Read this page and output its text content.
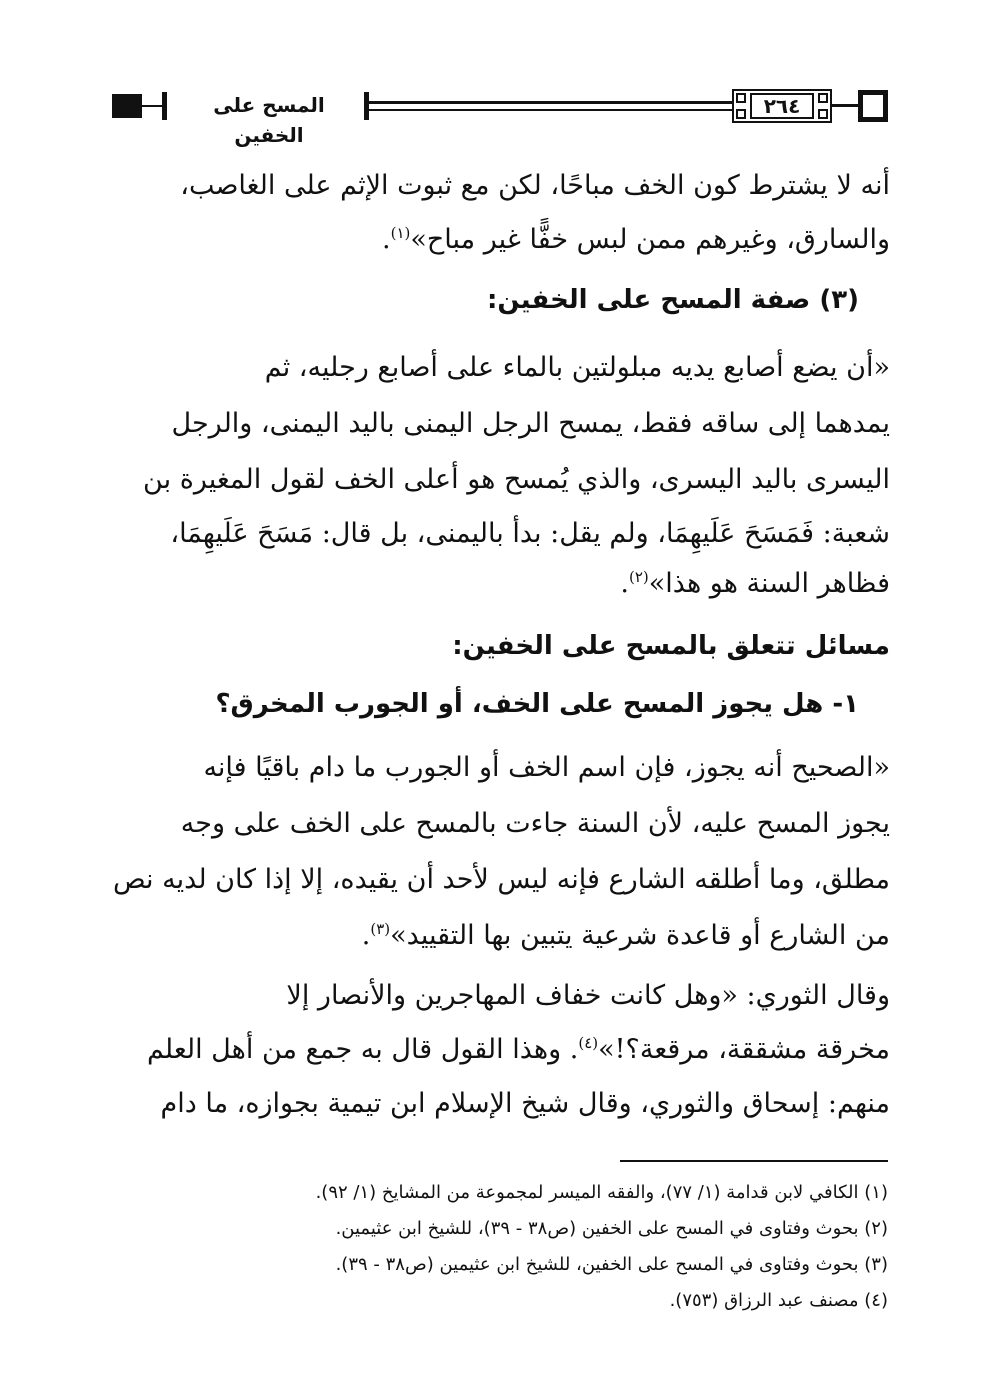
المسح على الخفين
٢٦٤
أنه لا يشترط كون الخف مباحًا، لكن مع ثبوت الإثم على الغاصب،
والسارق، وغيرهم ممن لبس خفًّا غير مباح»$^{(١)}$.
(٣) صفة المسح على الخفين:
«أن يضع أصابع يديه مبلولتين بالماء على أصابع رجليه، ثم
يمدهما إلى ساقه فقط، يمسح الرجل اليمنى باليد اليمنى، والرجل
اليسرى باليد اليسرى، والذي يُمسح هو أعلى الخف لقول المغيرة بن
شعبة: فَمَسَحَ عَلَيهِمَا، ولم يقل: بدأ باليمنى، بل قال: مَسَحَ عَلَيهِمَا،
فظاهر السنة هو هذا»$^{(٢)}$.
مسائل تتعلق بالمسح على الخفين:
١- هل يجوز المسح على الخف، أو الجورب المخرق؟
«الصحيح أنه يجوز، فإن اسم الخف أو الجورب ما دام باقيًا فإنه
يجوز المسح عليه، لأن السنة جاءت بالمسح على الخف على وجه
مطلق، وما أطلقه الشارع فإنه ليس لأحد أن يقيده، إلا إذا كان لديه نص
من الشارع أو قاعدة شرعية يتبين بها التقييد»$^{(٣)}$.
وقال الثوري: «وهل كانت خفاف المهاجرين والأنصار إلا
مخرقة مشققة، مرقعة؟!»$^{(٤)}$. وهذا القول قال به جمع من أهل العلم
منهم: إسحاق والثوري، وقال شيخ الإسلام ابن تيمية بجوازه، ما دام
(١) الكافي لابن قدامة (١/ ٧٧)، والفقه الميسر لمجموعة من المشايخ (١/ ٩٢).
(٢) بحوث وفتاوى في المسح على الخفين (ص٣٨ - ٣٩)، للشيخ ابن عثيمين.
(٣) بحوث وفتاوى في المسح على الخفين، للشيخ ابن عثيمين (ص٣٨ - ٣٩).
(٤) مصنف عبد الرزاق (٧٥٣).
